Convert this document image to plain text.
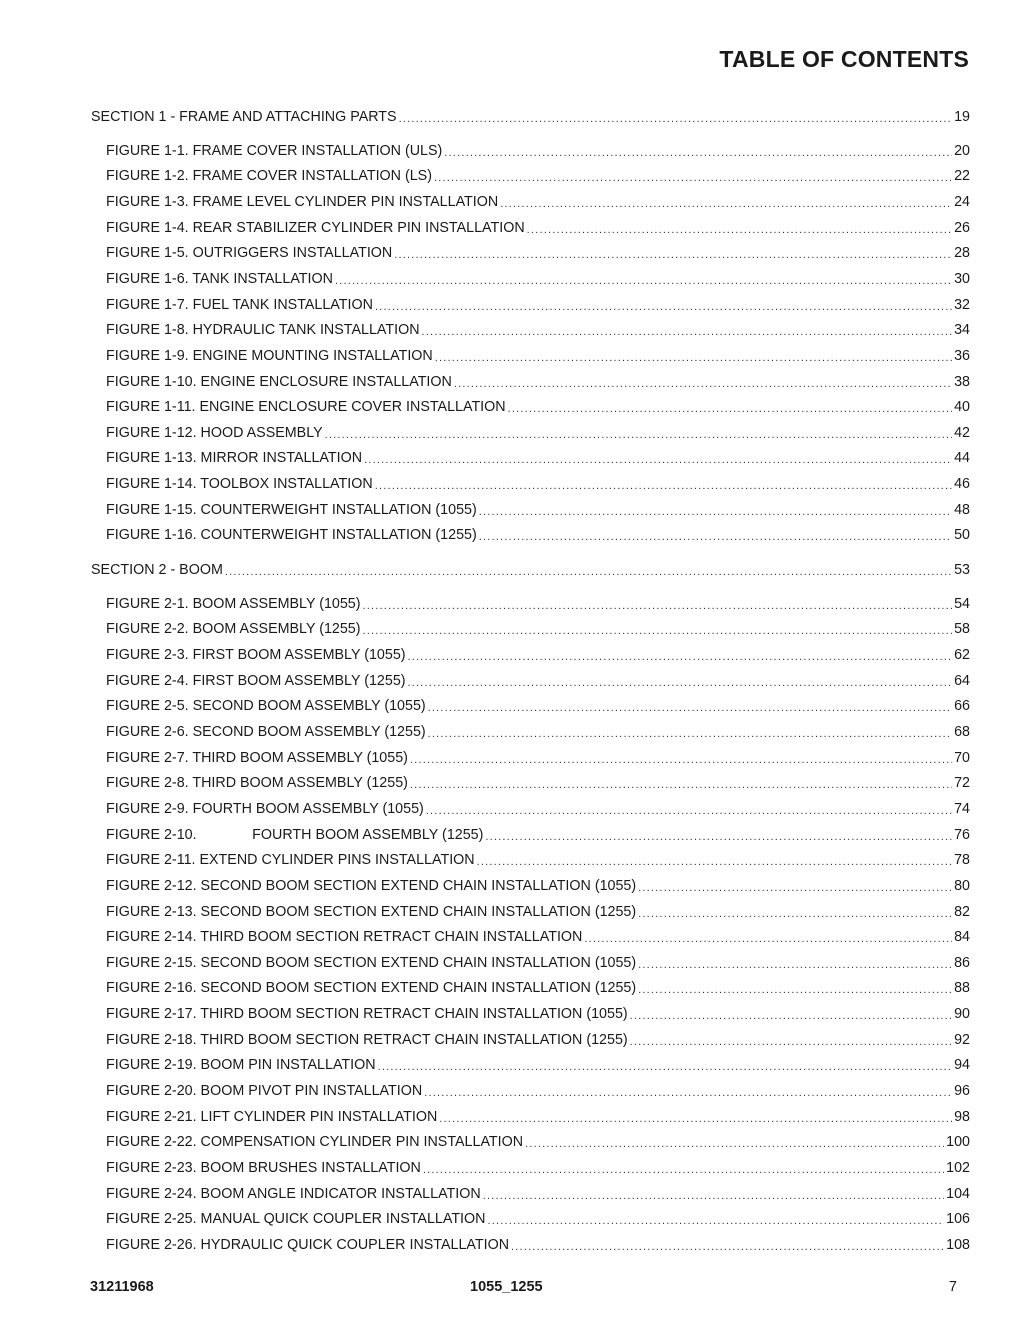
TABLE OF CONTENTS
SECTION 1 - FRAME AND ATTACHING PARTS .....	19
FIGURE 1-1. FRAME COVER INSTALLATION (ULS) .....	20
FIGURE 1-2. FRAME COVER INSTALLATION (LS) .....	22
FIGURE 1-3. FRAME LEVEL CYLINDER PIN INSTALLATION .....	24
FIGURE 1-4. REAR STABILIZER CYLINDER PIN INSTALLATION .....	26
FIGURE 1-5. OUTRIGGERS INSTALLATION .....	28
FIGURE 1-6. TANK INSTALLATION .....	30
FIGURE 1-7. FUEL TANK INSTALLATION .....	32
FIGURE 1-8. HYDRAULIC TANK INSTALLATION .....	34
FIGURE 1-9. ENGINE MOUNTING INSTALLATION .....	36
FIGURE 1-10. ENGINE ENCLOSURE INSTALLATION .....	38
FIGURE 1-11. ENGINE ENCLOSURE COVER INSTALLATION .....	40
FIGURE 1-12. HOOD ASSEMBLY .....	42
FIGURE 1-13. MIRROR INSTALLATION .....	44
FIGURE 1-14. TOOLBOX INSTALLATION .....	46
FIGURE 1-15. COUNTERWEIGHT INSTALLATION (1055) .....	48
FIGURE 1-16. COUNTERWEIGHT INSTALLATION (1255) .....	50
SECTION 2 - BOOM .....	53
FIGURE 2-1. BOOM ASSEMBLY (1055) .....	54
FIGURE 2-2. BOOM ASSEMBLY (1255) .....	58
FIGURE 2-3. FIRST BOOM ASSEMBLY (1055) .....	62
FIGURE 2-4. FIRST BOOM ASSEMBLY (1255) .....	64
FIGURE 2-5. SECOND BOOM ASSEMBLY (1055) .....	66
FIGURE 2-6. SECOND BOOM ASSEMBLY (1255) .....	68
FIGURE 2-7. THIRD BOOM ASSEMBLY (1055) .....	70
FIGURE 2-8. THIRD BOOM ASSEMBLY (1255) .....	72
FIGURE 2-9. FOURTH BOOM ASSEMBLY (1055) .....	74
FIGURE 2-10.              FOURTH BOOM ASSEMBLY (1255) .....	76
FIGURE 2-11. EXTEND CYLINDER PINS INSTALLATION .....	78
FIGURE 2-12. SECOND BOOM SECTION EXTEND CHAIN INSTALLATION (1055) .....	80
FIGURE 2-13. SECOND BOOM SECTION EXTEND CHAIN INSTALLATION (1255) .....	82
FIGURE 2-14. THIRD BOOM SECTION RETRACT CHAIN INSTALLATION .....	84
FIGURE 2-15. SECOND BOOM SECTION EXTEND CHAIN INSTALLATION (1055) .....	86
FIGURE 2-16. SECOND BOOM SECTION EXTEND CHAIN INSTALLATION (1255) .....	88
FIGURE 2-17. THIRD BOOM SECTION RETRACT CHAIN INSTALLATION (1055) .....	90
FIGURE 2-18. THIRD BOOM SECTION RETRACT CHAIN INSTALLATION (1255) .....	92
FIGURE 2-19. BOOM PIN INSTALLATION .....	94
FIGURE 2-20. BOOM PIVOT PIN INSTALLATION .....	96
FIGURE 2-21. LIFT CYLINDER PIN INSTALLATION .....	98
FIGURE 2-22. COMPENSATION CYLINDER PIN INSTALLATION .....	100
FIGURE 2-23. BOOM BRUSHES INSTALLATION .....	102
FIGURE 2-24. BOOM ANGLE INDICATOR INSTALLATION .....	104
FIGURE 2-25. MANUAL QUICK COUPLER INSTALLATION .....	106
FIGURE 2-26. HYDRAULIC QUICK COUPLER INSTALLATION .....	108
31211968	1055_1255	7
